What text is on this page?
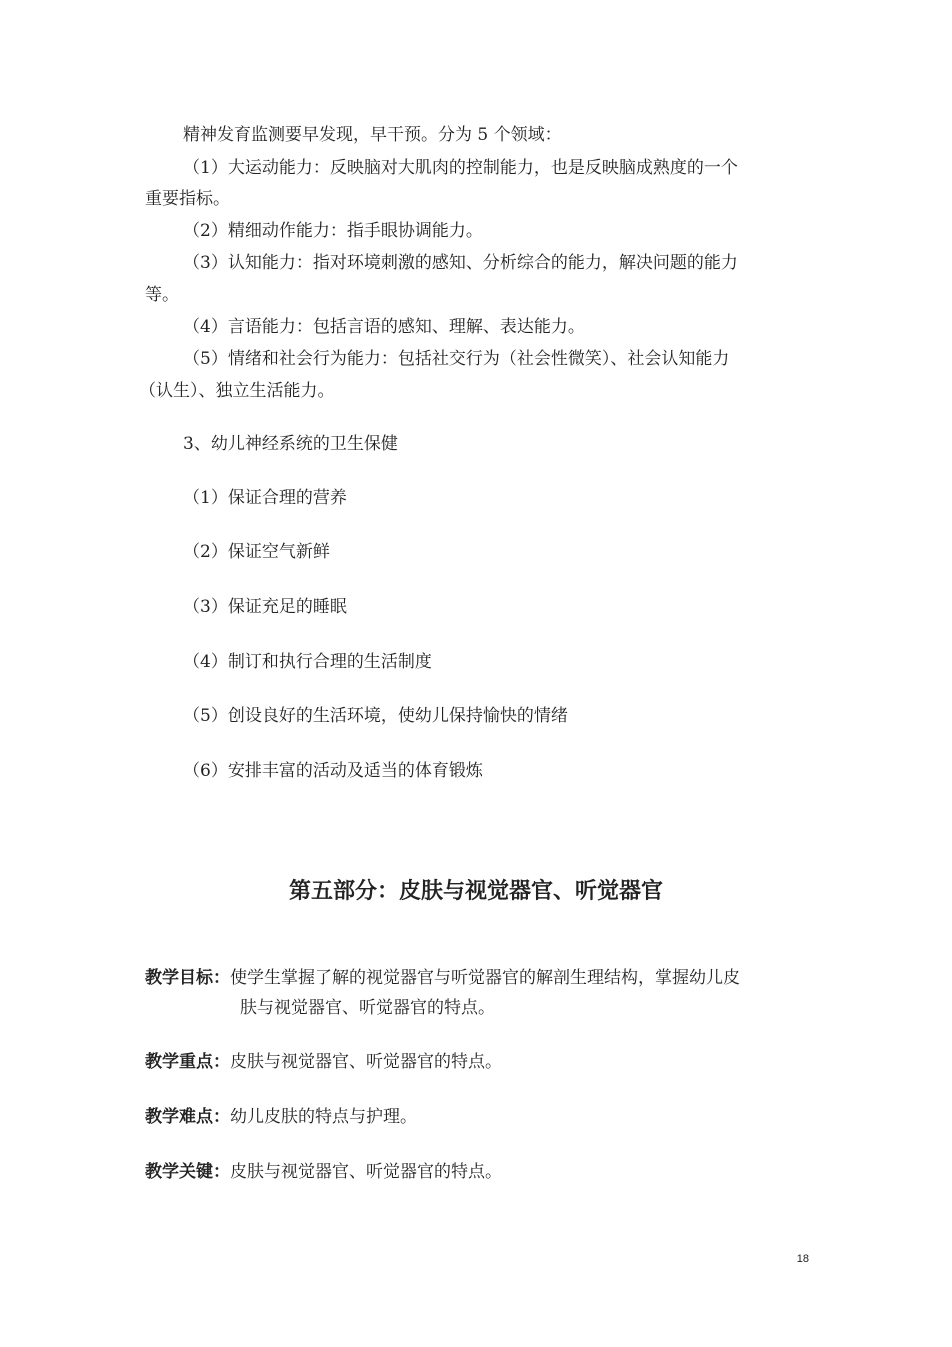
精神发育监测要早发现，早干预。分为 5 个领域：
（1）大运动能力：反映脑对大肌肉的控制能力，也是反映脑成熟度的一个
重要指标。
（2）精细动作能力：指手眼协调能力。
（3）认知能力：指对环境刺激的感知、分析综合的能力，解决问题的能力
等。
（4）言语能力：包括言语的感知、理解、表达能力。
（5）情绪和社会行为能力：包括社交行为（社会性微笑）、社会认知能力
（认生）、独立生活能力。
3、幼儿神经系统的卫生保健
（1）保证合理的营养
（2）保证空气新鲜
（3）保证充足的睡眠
（4）制订和执行合理的生活制度
（5）创设良好的生活环境，使幼儿保持愉快的情绪
（6）安排丰富的活动及适当的体育锻炼
第五部分：皮肤与视觉器官、听觉器官
教学目标：使学生掌握了解的视觉器官与听觉器官的解剖生理结构，掌握幼儿皮
肤与视觉器官、听觉器官的特点。
教学重点：皮肤与视觉器官、听觉器官的特点。
教学难点：幼儿皮肤的特点与护理。
教学关键：皮肤与视觉器官、听觉器官的特点。
18
